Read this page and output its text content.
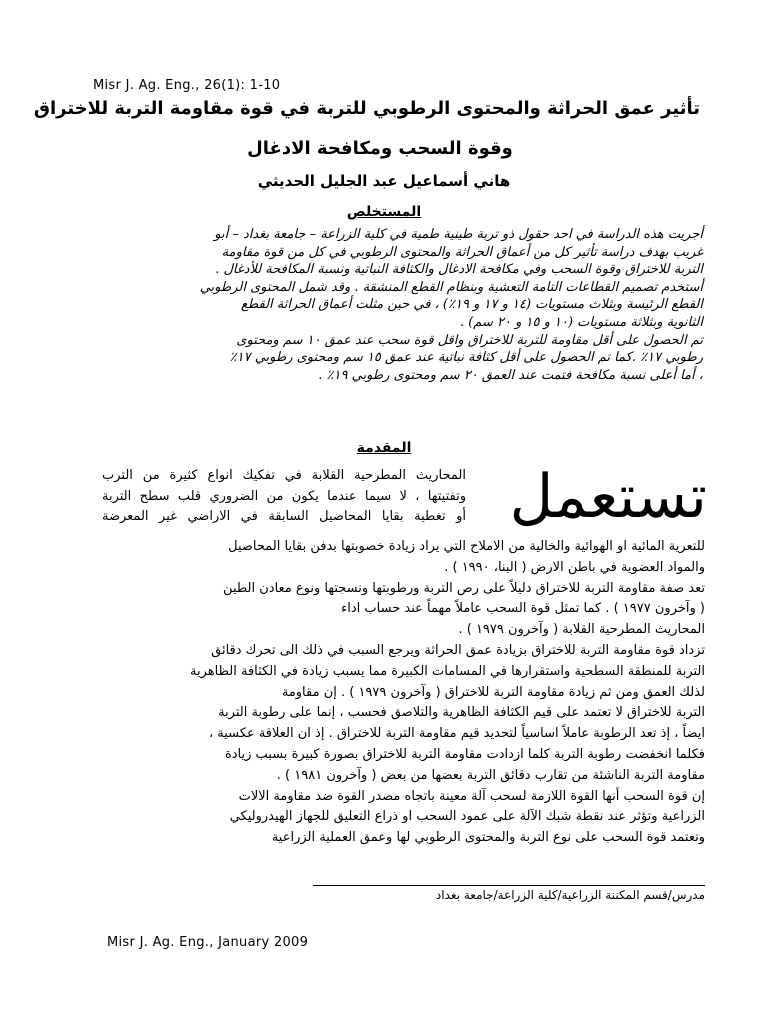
Misr J. Ag. Eng., 26(1): 1-10
تأثير عمق الحراثة والمحتوى الرطوبي للتربة في قوة مقاومة التربة للاختراق
وقوة السحب ومكافحة الادغال
هاني أسماعيل عبد الجليل الحديثي
المستخلص

أجريت هذه الدراسة في احد حقول ذو تربة طينية طمية في كلية الزراعة – جامعة بغداد – أبو

غريب بهدف دراسة تأثير كل من أعماق الحراثة والمحتوى الرطوبي في كل من قوة مقاومة

التربة للاختراق وقوة السحب وفي مكافحة الادغال والكثافة النباتية ونسبة المكافحة للأدغال .

أستخدم تصميم القطاعات التامة التعشية وبنظام القطع المنشقة . وقد شمل المحتوى الرطوبي

القطع الرئيسة وبثلاث مستويات (١٤ و ١٧ و ١٩٪) ، في حين مثلت أعماق الحراثة القطع

الثانوية وبثلاثة مستويات (١٠ و ١٥ و ٢٠ سم) .

تم الحصول على أقل مقاومة للتربة للاختراق واقل قوة سحب عند عمق ١٠ سم ومحتوى

رطوبي ١٧٪ .كما تم الحصول على أقل كثافة نباتية عند عمق ١٥ سم ومحتوى رطوبي ١٧٪

، أما أعلى نسبة مكافحة فتمت عند العمق ٢٠ سم ومحتوى رطوبي ١٩٪ .

المقدمة
تستعمل

المحاريث المطرحية القلابة في تفكيك انواع كثيرة من الترب

وتفتيتها ، لا سيما عندما يكون من الضروري قلب سطح التربة

أو تغطية بقايا المحاصيل السابقة في الاراضي غير المعرضة

للتعرية المائية او الهوائية والخالية من الاملاح التي يراد زيادة خصوبتها بدفن بقايا المحاصيل

والمواد العضوية في باطن الارض ( البنا، ١٩٩٠ ) .

تعد صفة مقاومة التربة للاختراق دليلاً على رص التربة ورطوبتها ونسجتها ونوع معادن الطين

( وآخرون ١٩٧٧ ) . كما تمثل قوة السحب عاملاً مهماً عند حساب اداء

المحاريث المطرحية القلابة ( وآخرون ١٩٧٩ ) .

تزداد قوة مقاومة التربة للاختراق بزيادة عمق الحراثة ويرجع السبب في ذلك الى تحرك دقائق

التربة للمنطقة السطحية واستقرارها في المسامات الكبيرة مما يسبب زيادة في الكثافة الظاهرية

لذلك العمق ومن ثم زيادة مقاومة التربة للاختراق ( وآخرون ١٩٧٩ ) . إن مقاومة

التربة للاختراق لا تعتمد على قيم الكثافة الظاهرية والتلاصق فحسب ، إنما على رطوبة التربة

ايضاً ، إذ تعد الرطوبة عاملاً اساسياً لتحديد قيم مقاومة التربة للاختراق . إذ ان العلاقة عكسية ،

فكلما انخفضت رطوبة التربة كلما ازدادت مقاومة التربة للاختراق بصورة كبيرة بسبب زيادة

مقاومة التربة الناشئة من تقارب دقائق التربة بعضها من بعض ( وآخرون ١٩٨١ ) .

إن قوة السحب أنها القوة اللازمة لسحب آلة معينة باتجاه مصدر القوة ضد مقاومة الالات

الزراعية وتؤثر عند نقطة شبك الآلة على عمود السحب او ذراع التعليق للجهاز الهيدروليكي

وتعتمد قوة السحب على نوع التربة والمحتوى الرطوبي لها وعمق العملية الزراعية

مدرس/قسم المكننة الزراعية/كلية الزراعة/جامعة بغداد
Misr J. Ag. Eng., January 2009
